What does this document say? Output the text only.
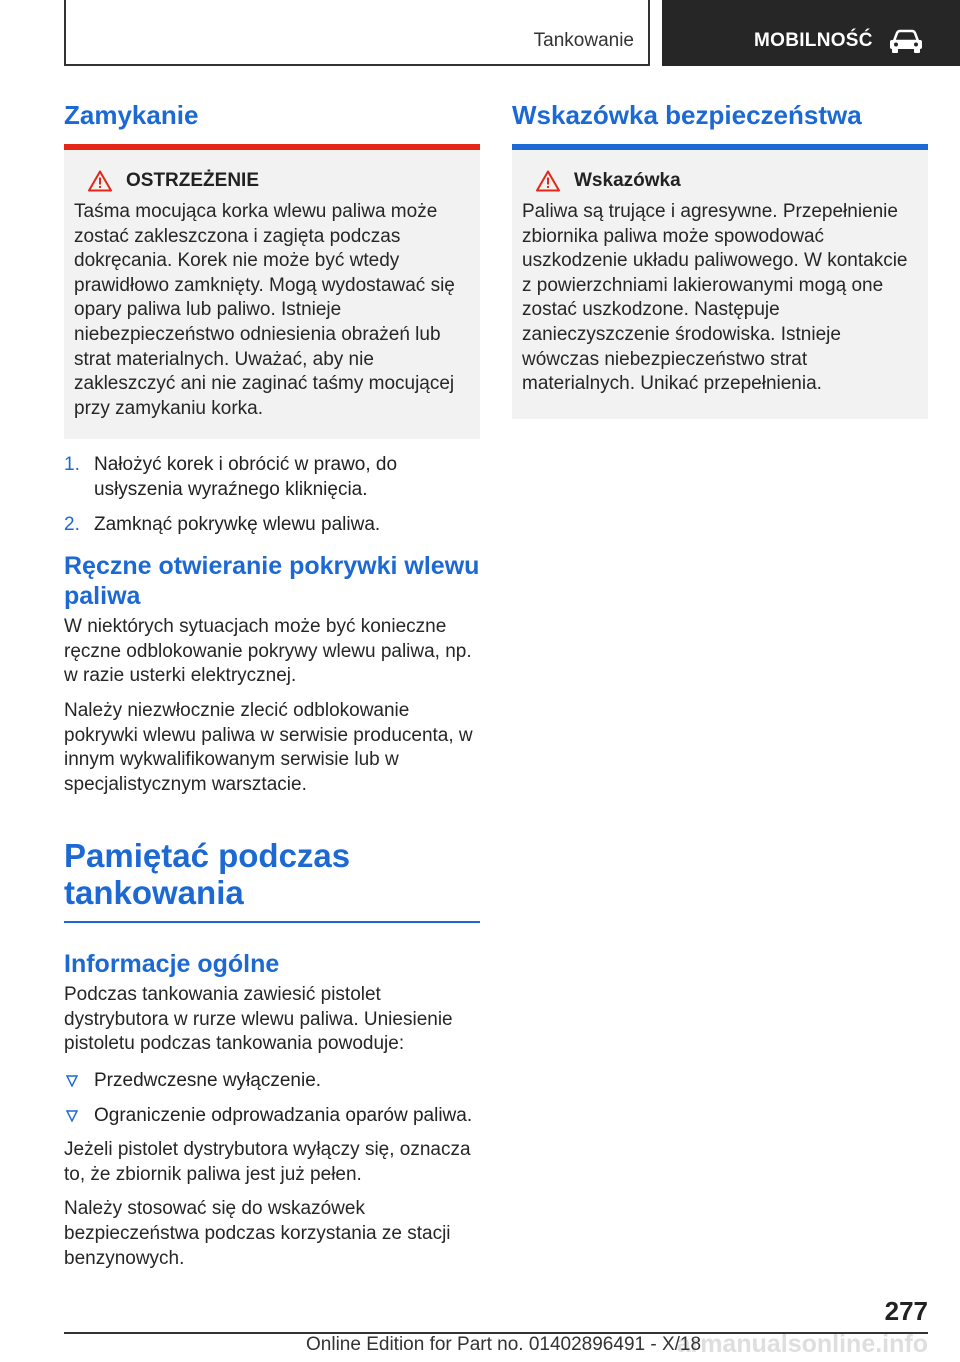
Tankowanie	MOBILNOŚĆ
Zamykanie
OSTRZEŻENIE

Taśma mocująca korka wlewu paliwa może zostać zakleszczona i zagięta podczas dokręcania. Korek nie może być wtedy prawidłowo zamknięty. Mogą wydostawać się opary paliwa lub paliwo. Istnieje niebezpieczeństwo odniesienia obrażeń lub strat materialnych. Uważać, aby nie zakleszczyć ani nie zaginać taśmy mocującej przy zamykaniu korka.

1. Nałożyć korek i obrócić w prawo, do usłyszenia wyraźnego kliknięcia.
2. Zamknąć pokrywkę wlewu paliwa.
Ręczne otwieranie pokrywki wlewu paliwa

W niektórych sytuacjach może być konieczne ręczne odblokowanie pokrywy wlewu paliwa, np. w razie usterki elektrycznej.

Należy niezwłocznie zlecić odblokowanie pokrywki wlewu paliwa w serwisie producenta, w innym wykwalifikowanym serwisie lub w specjalistycznym warsztacie.

Pamiętać podczas tankowania
Informacje ogólne

Podczas tankowania zawiesić pistolet dystrybutora w rurze wlewu paliwa. Uniesienie pistoletu podczas tankowania powoduje:

Przedwczesne wyłączenie.
Ograniczenie odprowadzania oparów paliwa.

Jeżeli pistolet dystrybutora wyłączy się, oznacza to, że zbiornik paliwa jest już pełen.

Należy stosować się do wskazówek bezpieczeństwa podczas korzystania ze stacji benzynowych.

Wskazówka bezpieczeństwa
Wskazówka

Paliwa są trujące i agresywne. Przepełnienie zbiornika paliwa może spowodować uszkodzenie układu paliwowego. W kontakcie z powierzchniami lakierowanymi mogą one zostać uszkodzone. Następuje zanieczyszczenie środowiska. Istnieje wówczas niebezpieczeństwo strat materialnych. Unikać przepełnienia.

277
armanualsonline.info
Online Edition for Part no. 01402896491 - X/18
